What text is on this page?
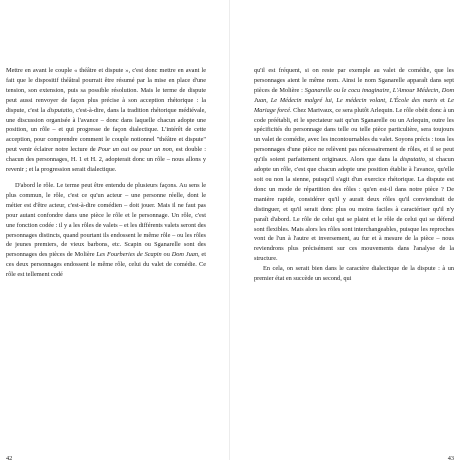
Mettre en avant le couple « théâtre et dispute », c'est donc mettre en avant le fait que le dispositif théâtral pourrait être résumé par la mise en place d'une tension, son extension, puis sa possible résolution. Mais le terme de dispute peut aussi renvoyer de façon plus précise à son acception rhétorique : la dispute, c'est la disputatio, c'est-à-dire, dans la tradition rhétorique médiévale, une discussion organisée à l'avance – donc dans laquelle chacun adopte une position, un rôle – et qui progresse de façon dialectique. L'intérêt de cette acception, pour comprendre comment le couple notionnel "théâtre et dispute" peut venir éclairer notre lecture de Pour un oui ou pour un non, est double : chacun des personnages, H. 1 et H. 2, adopterait donc un rôle – nous allons y revenir ; et la progression serait dialectique.

D'abord le rôle. Le terme peut être entendu de plusieurs façons. Au sens le plus commun, le rôle, c'est ce qu'un acteur – une personne réelle, dont le métier est d'être acteur, c'est-à-dire comédien – doit jouer. Mais il ne faut pas pour autant confondre dans une pièce le rôle et le personnage. Un rôle, c'est une fonction codée : il y a les rôles de valets – et les différents valets seront des personnages distincts, quand pourtant ils endossent le même rôle – ou les rôles de jeunes premiers, de vieux barbons, etc. Scapin ou Sganarelle sont des personnages des pièces de Molière Les Fourberies de Scapin ou Dom Juan, et ces deux personnages endossent le même rôle, celui du valet de comédie. Ce rôle est tellement codé

42

qu'il est fréquent, si on reste par exemple au valet de comédie, que les personnages aient le même nom. Ainsi le nom Sganarelle apparaît dans sept pièces de Molière : Sganarelle ou le cocu imaginaire, L'Amour Médecin, Dom Juan, Le Médecin malgré lui, Le médecin volant, L'École des maris et Le Mariage forcé. Chez Marivaux, ce sera plutôt Arlequin. Le rôle obéit donc à un code préétabli, et le spectateur sait qu'un Sganarelle ou un Arlequin, outre les spécificités du personnage dans telle ou telle pièce particulière, sera toujours un valet de comédie, avec les incontournables du valet. Soyons précis : tous les personnages d'une pièce ne relèvent pas nécessairement de rôles, et il se peut qu'ils soient parfaitement originaux. Alors que dans la disputatio, si chacun adopte un rôle, c'est que chacun adopte une position établie à l'avance, qu'elle soit ou non la sienne, puisqu'il s'agit d'un exercice rhétorique. La dispute est donc un mode de répartition des rôles : qu'en est-il dans notre pièce ? De manière rapide, considérer qu'il y aurait deux rôles qu'il conviendrait de distinguer, et qu'il serait donc plus ou moins faciles à caractériser qu'il n'y paraît d'abord. Le rôle de celui qui se plaint et le rôle de celui qui se défend sont flexibles. Mais alors les rôles sont interchangeables, puisque les reproches vont de l'un à l'autre et inversement, au fur et à mesure de la pièce – nous reviendrons plus précisément sur ces mouvements dans l'analyse de la structure.

En cela, on serait bien dans le caractère dialectique de la dispute : à un premier état en succède un second, qui

43
